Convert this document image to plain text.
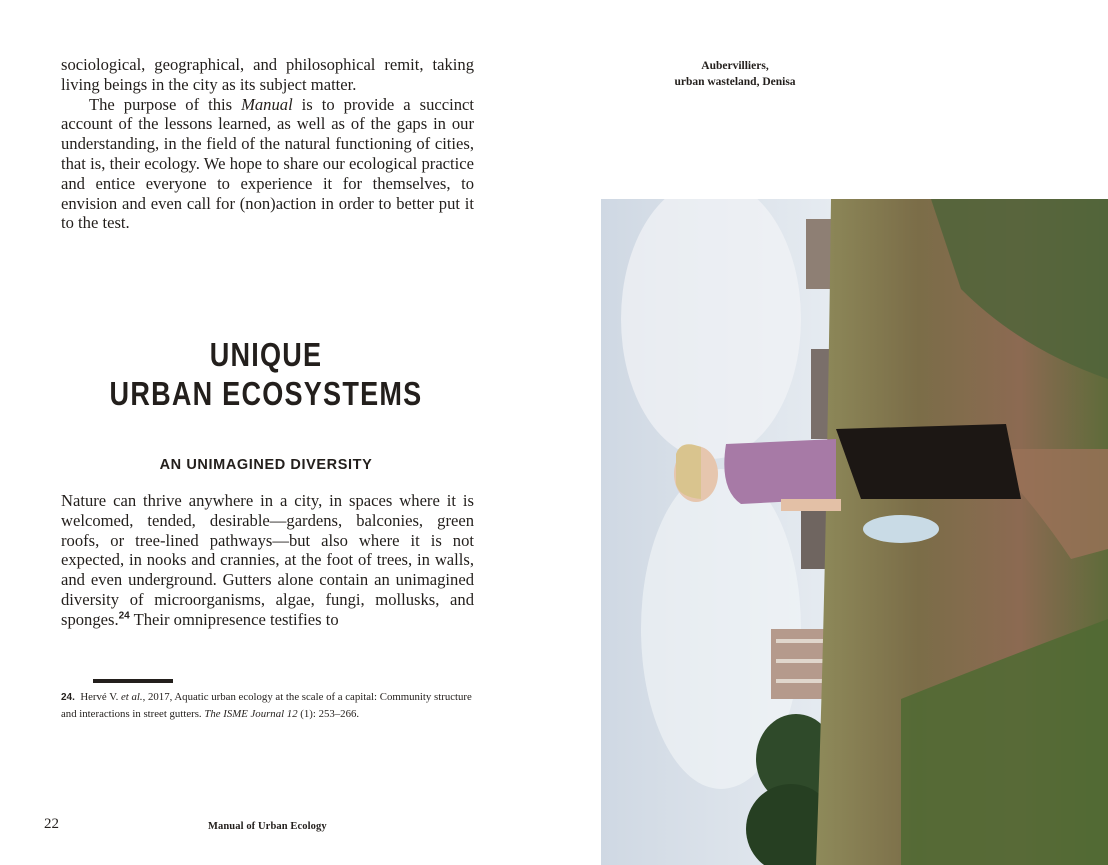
sociological, geographical, and philosophical remit, taking living beings in the city as its subject matter.
The purpose of this Manual is to provide a succinct account of the lessons learned, as well as of the gaps in our understanding, in the field of the natural functioning of cities, that is, their ecology. We hope to share our ecological practice and entice everyone to experience it for themselves, to envision and even call for (non)action in order to better put it to the test.

UNIQUE
URBAN ECOSYSTEMS
AN UNIMAGINED DIVERSITY

Nature can thrive anywhere in a city, in spaces where it is welcomed, tended, desirable—gardens, balconies, green roofs, or tree-lined pathways—but also where it is not expected, in nooks and crannies, at the foot of trees, in walls, and even underground. Gutters alone contain an unimagined diversity of microorganisms, algae, fungi, mollusks, and sponges.$^{24}$ Their omnipresence testifies to

24. Hervé V. et al., 2017, Aquatic urban ecology at the scale of a capital: Community structure and interactions in street gutters. The ISME Journal 12 (1): 253–266.

22	Manual of Urban Ecology

Aubervilliers,
urban wasteland, Denisa
